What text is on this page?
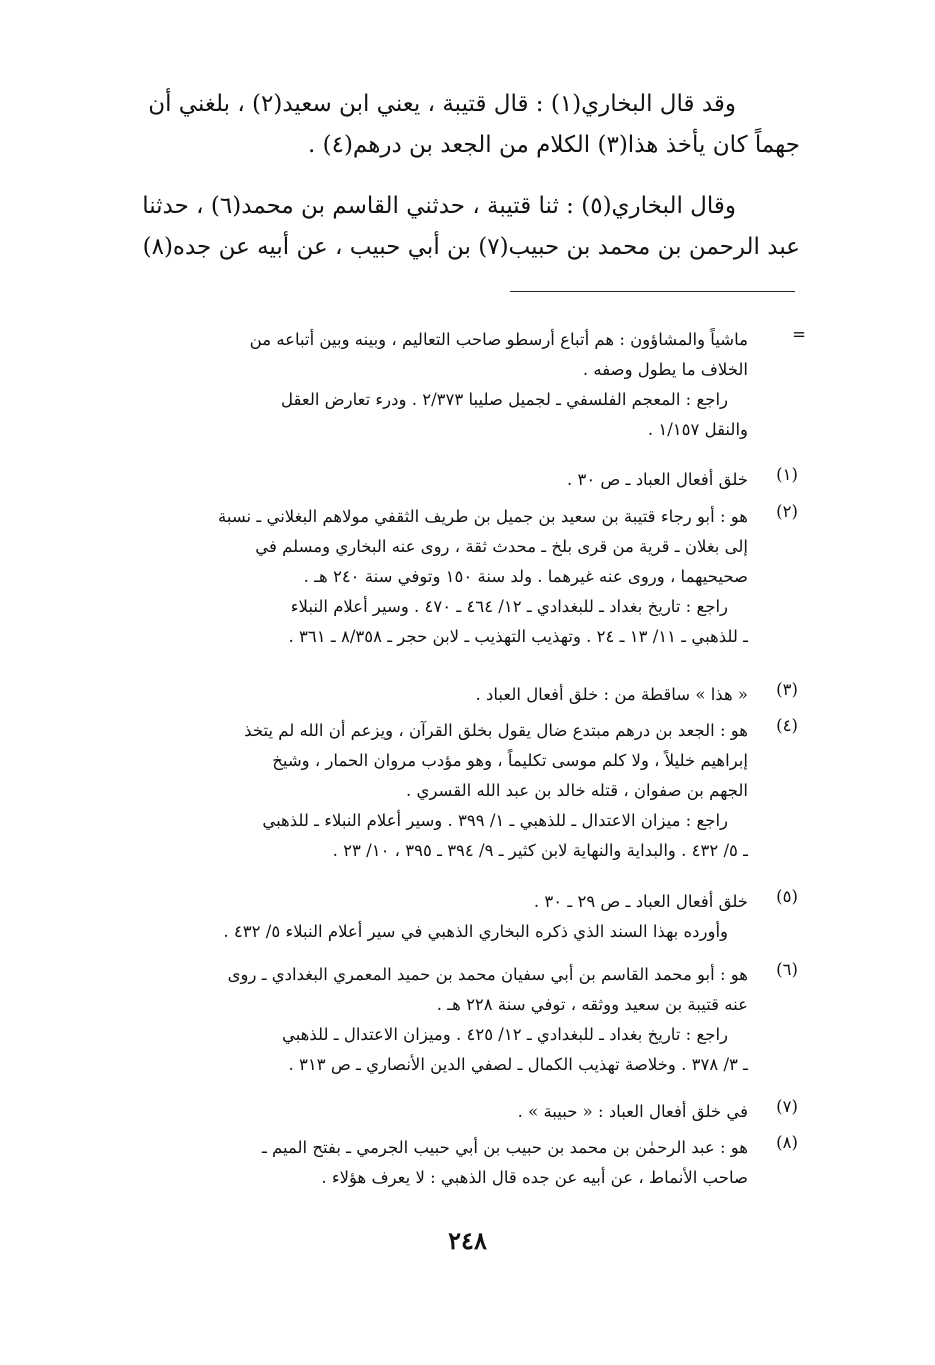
وقد قال البخاري(١) : قال قتيبة ، يعني ابن سعيد(٢) ، بلغني أن

جهماً كان يأخذ هذا(٣) الكلام من الجعد بن درهم(٤) .

وقال البخاري(٥) : ثنا قتيبة ، حدثني القاسم بن محمد(٦) ، حدثنا

عبد الرحمن بن محمد بن حبيب(٧) بن أبي حبيب ، عن أبيه عن جده(٨)

=
ماشياً والمشاؤون : هم أتباع أرسطو صاحب التعاليم ، وبينه وبين أتباعه من
الخلاف ما يطول وصفه .
راجع : المعجم الفلسفي ـ لجميل صليبا ٢/٣٧٣ . ودرء تعارض العقل
والنقل ١/١٥٧ .
(١)
خلق أفعال العباد ـ ص ٣٠ .
(٢)
هو : أبو رجاء قتيبة بن سعيد بن جميل بن طريف الثقفي مولاهم البغلاني ـ نسبة
إلى بغلان ـ قرية من قرى بلخ ـ محدث ثقة ، روى عنه البخاري ومسلم في
صحيحيهما ، وروى عنه غيرهما . ولد سنة ١٥٠ وتوفي سنة ٢٤٠ هـ .
راجع : تاريخ بغداد ـ للبغدادي ـ ١٢/ ٤٦٤ ـ ٤٧٠ . وسير أعلام النبلاء
ـ للذهبي ـ ١١/ ١٣ ـ ٢٤ . وتهذيب التهذيب ـ لابن حجر ـ ٨/٣٥٨ ـ ٣٦١ .
(٣)
« هذا » ساقطة من : خلق أفعال العباد .
(٤)
هو : الجعد بن درهم مبتدع ضال يقول بخلق القرآن ، ويزعم أن الله لم يتخذ
إبراهيم خليلاً ، ولا كلم موسى تكليماً ، وهو مؤدب مروان الحمار ، وشيخ
الجهم بن صفوان ، قتله خالد بن عبد الله القسري .
راجع : ميزان الاعتدال ـ للذهبي ـ ١/ ٣٩٩ . وسير أعلام النبلاء ـ للذهبي
ـ ٥/ ٤٣٢ . والبداية والنهاية لابن كثير ـ ٩/ ٣٩٤ ـ ٣٩٥ ، ١٠/ ٢٣ .
(٥)
خلق أفعال العباد ـ ص ٢٩ ـ ٣٠ .
وأورده بهذا السند الذي ذكره البخاري الذهبي في سير أعلام النبلاء ٥/ ٤٣٢ .
(٦)
هو : أبو محمد القاسم بن أبي سفيان محمد بن حميد المعمري البغدادي ـ روى
عنه قتيبة بن سعيد ووثقه ، توفي سنة ٢٢٨ هـ .
راجع : تاريخ بغداد ـ للبغدادي ـ ١٢/ ٤٢٥ . وميزان الاعتدال ـ للذهبي
ـ ٣/ ٣٧٨ . وخلاصة تهذيب الكمال ـ لصفي الدين الأنصاري ـ ص ٣١٣ .
(٧)
في خلق أفعال العباد : « حبيبة » .
(٨)
هو : عبد الرحمٰن بن محمد بن حبيب بن أبي حبيب الجرمي ـ بفتح الميم ـ
صاحب الأنماط ، عن أبيه عن جده قال الذهبي : لا يعرف هؤلاء .
٢٤٨
